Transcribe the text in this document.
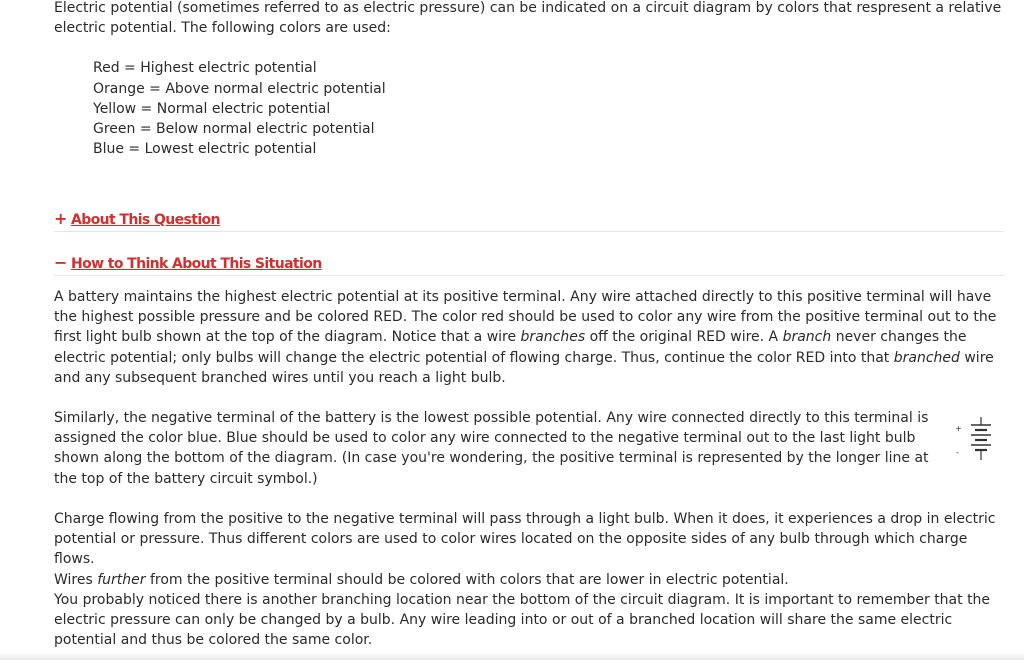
Electric potential (sometimes referred to as electric pressure) can be indicated on a circuit diagram by colors that respresent a relative electric potential. The following colors are used:

Red = Highest electric potential
Orange = Above normal electric potential
Yellow = Normal electric potential
Green = Below normal electric potential
Blue = Lowest electric potential
+ About This Question
− How to Think About This Situation

A battery maintains the highest electric potential at its positive terminal. Any wire attached directly to this positive terminal will have the highest possible pressure and be colored RED. The color red should be used to color any wire from the positive terminal out to the first light bulb shown at the top of the diagram. Notice that a wire branches off the original RED wire. A branch never changes the electric potential; only bulbs will change the electric potential of flowing charge. Thus, continue the color RED into that branched wire and any subsequent branched wires until you reach a light bulb.

Similarly, the negative terminal of the battery is the lowest possible potential. Any wire connected directly to this terminal is assigned the color blue. Blue should be used to color any wire connected to the negative terminal out to the last light bulb shown along the bottom of the diagram. (In case you're wondering, the positive terminal is represented by the longer line at the top of the battery circuit symbol.)

+
-

Charge flowing from the positive to the negative terminal will pass through a light bulb. When it does, it experiences a drop in electric potential or pressure. Thus different colors are used to color wires located on the opposite sides of any bulb through which charge flows.
Wires further from the positive terminal should be colored with colors that are lower in electric potential.

You probably noticed there is another branching location near the bottom of the circuit diagram. It is important to remember that the electric pressure can only be changed by a bulb. Any wire leading into or out of a branched location will share the same electric potential and thus be colored the same color.
